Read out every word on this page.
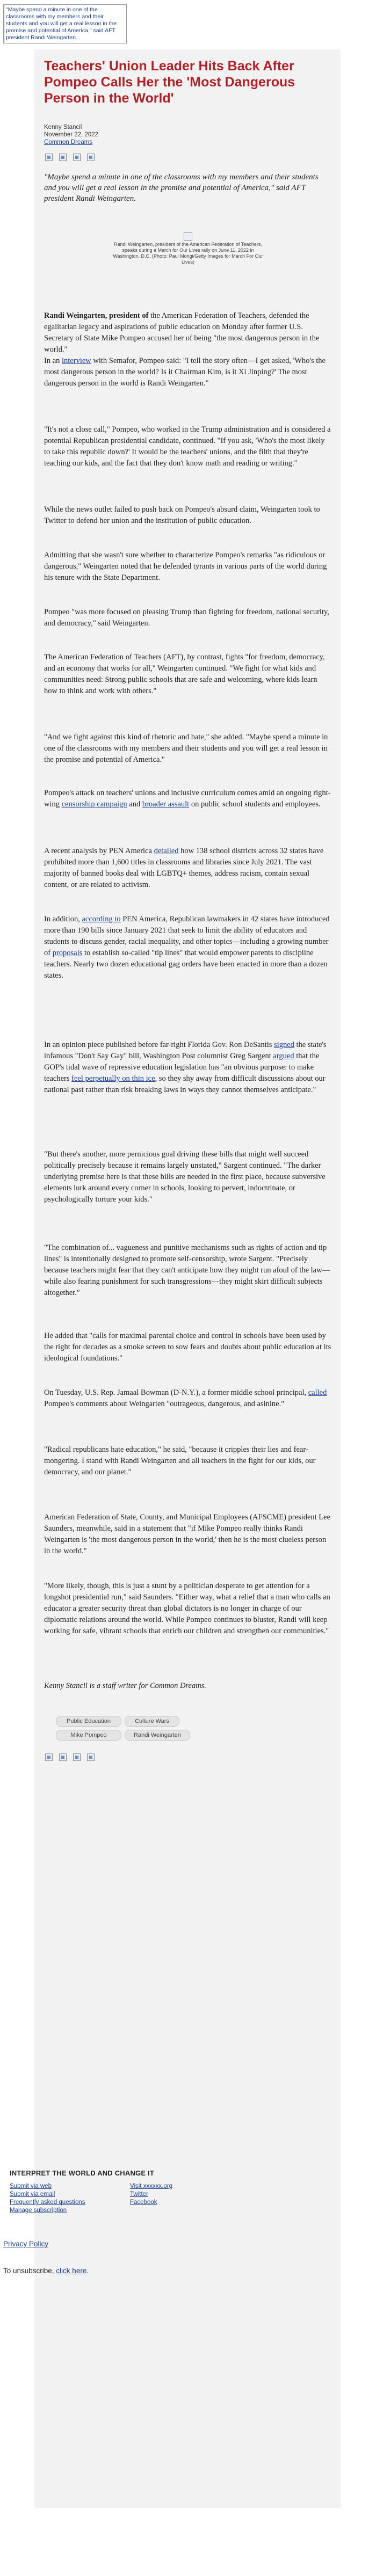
"Maybe spend a minute in one of the classrooms with my members and their students and you will get a real lesson in the promise and potential of America," said AFT president Randi Weingarten.
Teachers' Union Leader Hits Back After Pompeo Calls Her the 'Most Dangerous Person in the World'
Kenny Stancil
November 22, 2022
Common Dreams

"Maybe spend a minute in one of the classrooms with my members and their students and you will get a real lesson in the promise and potential of America," said AFT president Randi Weingarten.

Randi Weingarten, president of the American Federation of Teachers, speaks during a March for Our Lives rally on June 11, 2022 in Washington, D.C. (Photo: Paul Morigi/Getty Images for March For Our Lives)

Randi Weingarten, president of the American Federation of Teachers, defended the egalitarian legacy and aspirations of public education on Monday after former U.S. Secretary of State Mike Pompeo accused her of being "the most dangerous person in the world."

In an interview with Semafor, Pompeo said: "I tell the story often—I get asked, 'Who's the most dangerous person in the world? Is it Chairman Kim, is it Xi Jinping?' The most dangerous person in the world is Randi Weingarten."

"It's not a close call," Pompeo, who worked in the Trump administration and is considered a potential Republican presidential candidate, continued. "If you ask, 'Who's the most likely to take this republic down?' It would be the teachers' unions, and the filth that they're teaching our kids, and the fact that they don't know math and reading or writing."

While the news outlet failed to push back on Pompeo's absurd claim, Weingarten took to Twitter to defend her union and the institution of public education.

Admitting that she wasn't sure whether to characterize Pompeo's remarks "as ridiculous or dangerous," Weingarten noted that he defended tyrants in various parts of the world during his tenure with the State Department.

Pompeo "was more focused on pleasing Trump than fighting for freedom, national security, and democracy," said Weingarten.

The American Federation of Teachers (AFT), by contrast, fights "for freedom, democracy, and an economy that works for all," Weingarten continued. "We fight for what kids and communities need: Strong public schools that are safe and welcoming, where kids learn how to think and work with others."

"And we fight against this kind of rhetoric and hate," she added. "Maybe spend a minute in one of the classrooms with my members and their students and you will get a real lesson in the promise and potential of America."

Pompeo's attack on teachers' unions and inclusive curriculum comes amid an ongoing right-wing censorship campaign and broader assault on public school students and employees.

A recent analysis by PEN America detailed how 138 school districts across 32 states have prohibited more than 1,600 titles in classrooms and libraries since July 2021. The vast majority of banned books deal with LGBTQ+ themes, address racism, contain sexual content, or are related to activism.

In addition, according to PEN America, Republican lawmakers in 42 states have introduced more than 190 bills since January 2021 that seek to limit the ability of educators and students to discuss gender, racial inequality, and other topics—including a growing number of proposals to establish so-called "tip lines" that would empower parents to discipline teachers. Nearly two dozen educational gag orders have been enacted in more than a dozen states.

In an opinion piece published before far-right Florida Gov. Ron DeSantis signed the state's infamous "Don't Say Gay" bill, Washington Post columnist Greg Sargent argued that the GOP's tidal wave of repressive education legislation has "an obvious purpose: to make teachers feel perpetually on thin ice, so they shy away from difficult discussions about our national past rather than risk breaking laws in ways they cannot themselves anticipate."

"But there's another, more pernicious goal driving these bills that might well succeed politically precisely because it remains largely unstated," Sargent continued. "The darker underlying premise here is that these bills are needed in the first place, because subversive elements lurk around every corner in schools, looking to pervert, indoctrinate, or psychologically torture your kids."

"The combination of... vagueness and punitive mechanisms such as rights of action and tip lines" is intentionally designed to promote self-censorship, wrote Sargent. "Precisely because teachers might fear that they can't anticipate how they might run afoul of the law—while also fearing punishment for such transgressions—they might skirt difficult subjects altogether."

He added that "calls for maximal parental choice and control in schools have been used by the right for decades as a smoke screen to sow fears and doubts about public education at its ideological foundations."

On Tuesday, U.S. Rep. Jamaal Bowman (D-N.Y.), a former middle school principal, called Pompeo's comments about Weingarten "outrageous, dangerous, and asinine."

"Radical republicans hate education," he said, "because it cripples their lies and fear-mongering. I stand with Randi Weingarten and all teachers in the fight for our kids, our democracy, and our planet."

American Federation of State, County, and Municipal Employees (AFSCME) president Lee Saunders, meanwhile, said in a statement that "if Mike Pompeo really thinks Randi Weingarten is 'the most dangerous person in the world,' then he is the most clueless person in the world."

"More likely, though, this is just a stunt by a politician desperate to get attention for a longshot presidential run," said Saunders. "Either way, what a relief that a man who calls an educator a greater security threat than global dictators is no longer in charge of our diplomatic relations around the world. While Pompeo continues to bluster, Randi will keep working for safe, vibrant schools that enrich our children and strengthen our communities."

Kenny Stancil is a staff writer for Common Dreams.

Public Education	Culture Wars
Mike Pompeo	Randi Weingarten

INTERPRET THE WORLD AND CHANGE IT

Submit via web
Submit via email
Frequently asked questions
Manage subscription
Visit xxxxxx.org
Twitter
Facebook
Privacy Policy
To unsubscribe, click here.
